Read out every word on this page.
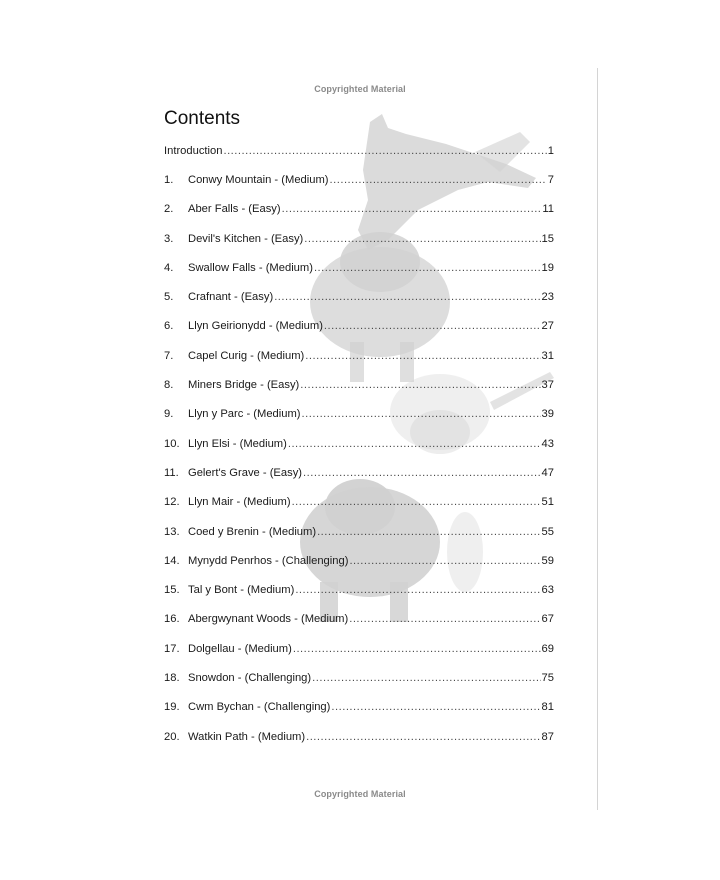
Copyrighted Material
Contents
Introduction .....	1
1.	Conwy Mountain - (Medium) .....	7
2.	Aber Falls - (Easy) .....	11
3.	Devil's Kitchen - (Easy) .....	15
4.	Swallow Falls - (Medium) .....	19
5.	Crafnant - (Easy) .....	23
6.	Llyn Geirionydd - (Medium) .....	27
7.	Capel Curig - (Medium) .....	31
8.	Miners Bridge - (Easy) .....	37
9.	Llyn y Parc - (Medium) .....	39
10. Llyn Elsi - (Medium) .....	43
11. Gelert's Grave - (Easy) .....	47
12. Llyn Mair - (Medium) .....	51
13. Coed y Brenin - (Medium) .....	55
14. Mynydd Penrhos - (Challenging) .....	59
15. Tal y Bont - (Medium) .....	63
16. Abergwynant Woods - (Medium) .....	67
17. Dolgellau - (Medium) .....	69
18. Snowdon - (Challenging) .....	75
19. Cwm Bychan - (Challenging) .....	81
20. Watkin Path - (Medium) .....	87
Copyrighted Material
